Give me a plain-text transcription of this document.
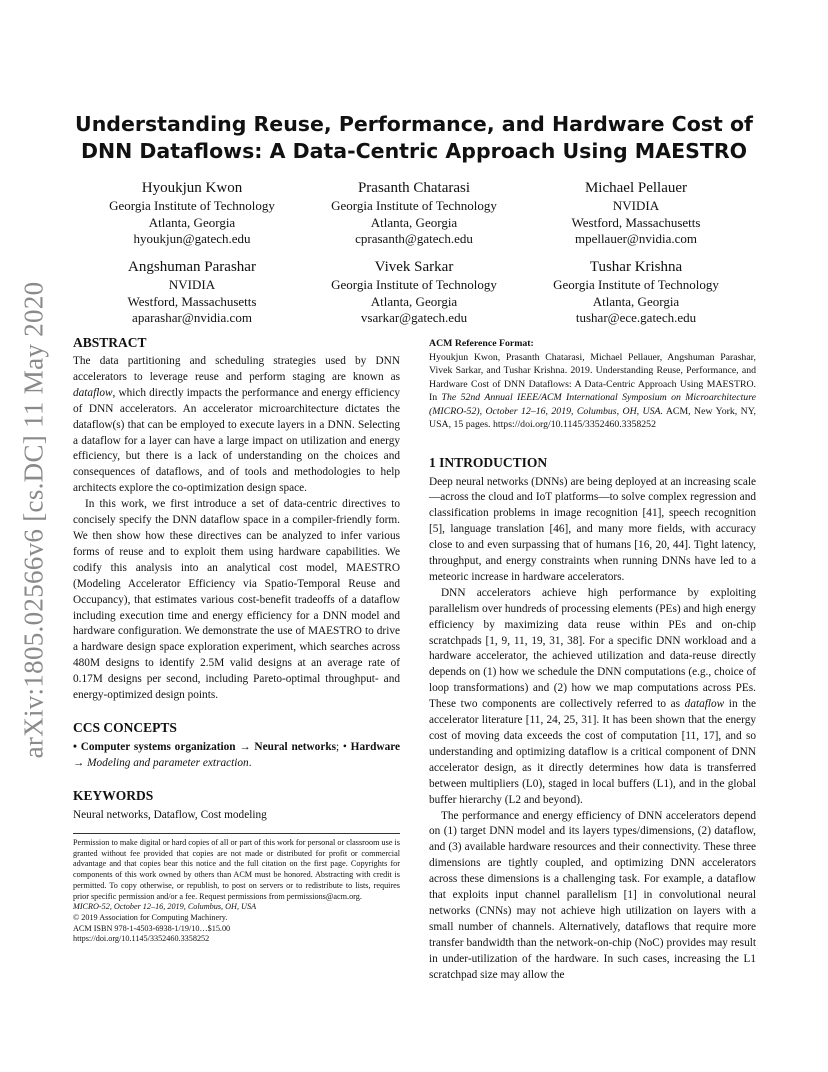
arXiv:1805.02566v6 [cs.DC] 11 May 2020
Understanding Reuse, Performance, and Hardware Cost of DNN Dataflows: A Data-Centric Approach Using MAESTRO
Hyoukjun Kwon
Georgia Institute of Technology
Atlanta, Georgia
hyoukjun@gatech.edu
Prasanth Chatarasi
Georgia Institute of Technology
Atlanta, Georgia
cprasanth@gatech.edu
Michael Pellauer
NVIDIA
Westford, Massachusetts
mpellauer@nvidia.com
Angshuman Parashar
NVIDIA
Westford, Massachusetts
aparashar@nvidia.com
Vivek Sarkar
Georgia Institute of Technology
Atlanta, Georgia
vsarkar@gatech.edu
Tushar Krishna
Georgia Institute of Technology
Atlanta, Georgia
tushar@ece.gatech.edu
ABSTRACT

The data partitioning and scheduling strategies used by DNN accelerators to leverage reuse and perform staging are known as dataflow, which directly impacts the performance and energy efficiency of DNN accelerators. An accelerator microarchitecture dictates the dataflow(s) that can be employed to execute layers in a DNN. Selecting a dataflow for a layer can have a large impact on utilization and energy efficiency, but there is a lack of understanding on the choices and consequences of dataflows, and of tools and methodologies to help architects explore the co-optimization design space.

In this work, we first introduce a set of data-centric directives to concisely specify the DNN dataflow space in a compiler-friendly form. We then show how these directives can be analyzed to infer various forms of reuse and to exploit them using hardware capabilities. We codify this analysis into an analytical cost model, MAESTRO (Modeling Accelerator Efficiency via Spatio-Temporal Reuse and Occupancy), that estimates various cost-benefit tradeoffs of a dataflow including execution time and energy efficiency for a DNN model and hardware configuration. We demonstrate the use of MAESTRO to drive a hardware design space exploration experiment, which searches across 480M designs to identify 2.5M valid designs at an average rate of 0.17M designs per second, including Pareto-optimal throughput- and energy-optimized design points.

CCS CONCEPTS

• Computer systems organization → Neural networks; • Hardware → Modeling and parameter extraction.

KEYWORDS

Neural networks, Dataflow, Cost modeling

Permission to make digital or hard copies of all or part of this work for personal or classroom use is granted without fee provided that copies are not made or distributed for profit or commercial advantage and that copies bear this notice and the full citation on the first page. Copyrights for components of this work owned by others than ACM must be honored. Abstracting with credit is permitted. To copy otherwise, or republish, to post on servers or to redistribute to lists, requires prior specific permission and/or a fee. Request permissions from permissions@acm.org.
MICRO-52, October 12–16, 2019, Columbus, OH, USA
© 2019 Association for Computing Machinery.
ACM ISBN 978-1-4503-6938-1/19/10…$15.00
https://doi.org/10.1145/3352460.3358252
ACM Reference Format:
Hyoukjun Kwon, Prasanth Chatarasi, Michael Pellauer, Angshuman Parashar, Vivek Sarkar, and Tushar Krishna. 2019. Understanding Reuse, Performance, and Hardware Cost of DNN Dataflows: A Data-Centric Approach Using MAESTRO. In The 52nd Annual IEEE/ACM International Symposium on Microarchitecture (MICRO-52), October 12–16, 2019, Columbus, OH, USA. ACM, New York, NY, USA, 15 pages. https://doi.org/10.1145/3352460.3358252
1 INTRODUCTION

Deep neural networks (DNNs) are being deployed at an increasing scale—across the cloud and IoT platforms—to solve complex regression and classification problems in image recognition [41], speech recognition [5], language translation [46], and many more fields, with accuracy close to and even surpassing that of humans [16, 20, 44]. Tight latency, throughput, and energy constraints when running DNNs have led to a meteoric increase in hardware accelerators.

DNN accelerators achieve high performance by exploiting parallelism over hundreds of processing elements (PEs) and high energy efficiency by maximizing data reuse within PEs and on-chip scratchpads [1, 9, 11, 19, 31, 38]. For a specific DNN workload and a hardware accelerator, the achieved utilization and data-reuse directly depends on (1) how we schedule the DNN computations (e.g., choice of loop transformations) and (2) how we map computations across PEs. These two components are collectively referred to as dataflow in the accelerator literature [11, 24, 25, 31]. It has been shown that the energy cost of moving data exceeds the cost of computation [11, 17], and so understanding and optimizing dataflow is a critical component of DNN accelerator design, as it directly determines how data is transferred between multipliers (L0), staged in local buffers (L1), and in the global buffer hierarchy (L2 and beyond).

The performance and energy efficiency of DNN accelerators depend on (1) target DNN model and its layers types/dimensions, (2) dataflow, and (3) available hardware resources and their connectivity. These three dimensions are tightly coupled, and optimizing DNN accelerators across these dimensions is a challenging task. For example, a dataflow that exploits input channel parallelism [1] in convolutional neural networks (CNNs) may not achieve high utilization on layers with a small number of channels. Alternatively, dataflows that require more transfer bandwidth than the network-on-chip (NoC) provides may result in under-utilization of the hardware. In such cases, increasing the L1 scratchpad size may allow the
